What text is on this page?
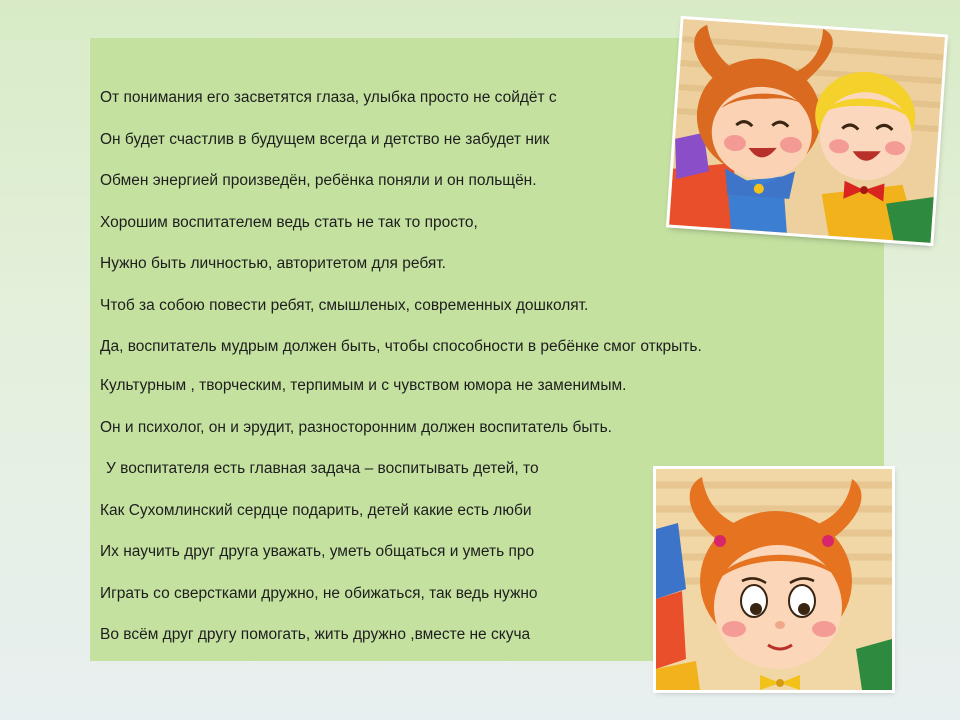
От понимания его засветятся глаза, улыбка просто не сойдёт с

Он будет счастлив в будущем всегда и детство не забудет ник

Обмен энергией произведён, ребёнка поняли и он польщён.

Хорошим воспитателем ведь стать не так то просто,

Нужно быть личностью, авторитетом для ребят.

Чтоб за собою повести ребят, смышленых, современных дошколят.

Да, воспитатель мудрым должен быть, чтобы способности в ребёнке смог открыть.

Культурным , творческим, терпимым и с чувством юмора не заменимым.

Он и психолог, он и эрудит, разносторонним должен воспитатель быть.

У воспитателя есть главная задача – воспитывать детей, то

Как Сухомлинский сердце подарить, детей какие есть люби

Их научить друг друга уважать, уметь общаться и уметь про

Играть со сверстками дружно, не обижаться, так ведь нужно

Во всём друг другу помогать, жить дружно ,вместе не скуча
